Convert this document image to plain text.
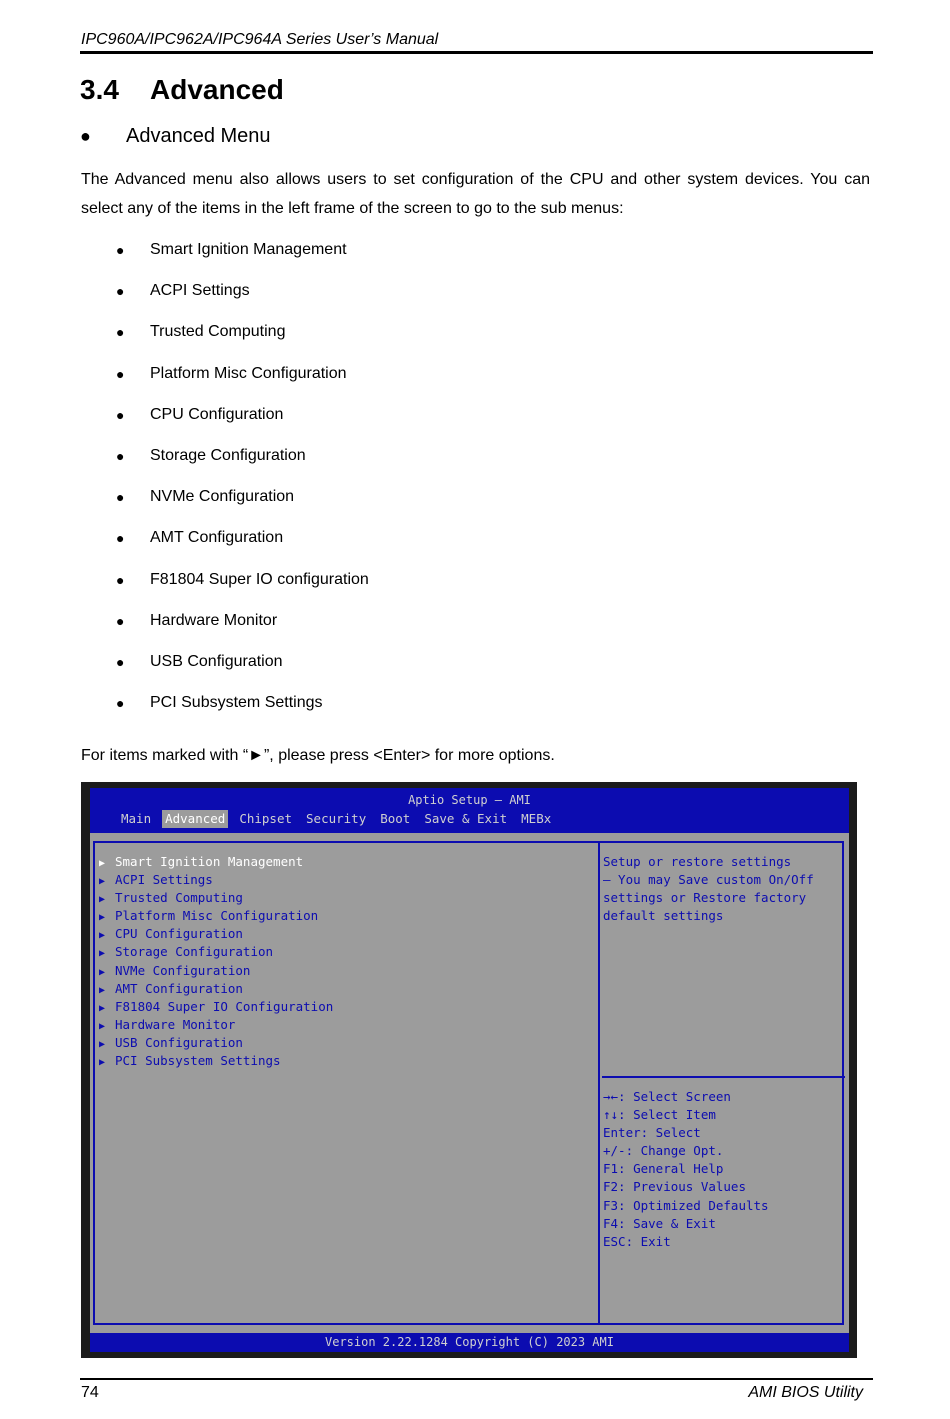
IPC960A/IPC962A/IPC964A Series User’s Manual
3.4 Advanced
● Advanced Menu

The Advanced menu also allows users to set configuration of the CPU and other system devices. You can select any of the items in the left frame of the screen to go to the sub menus:

●	Smart Ignition Management
●	ACPI Settings
●	Trusted Computing
●	Platform Misc Configuration
●	CPU Configuration
●	Storage Configuration
●	NVMe Configuration
●	AMT Configuration
●	F81804 Super IO configuration
●	Hardware Monitor
●	USB Configuration
●	PCI Subsystem Settings

For items marked with “►”, please press <Enter> for more options.

Aptio Setup – AMI
Main Advanced Chipset Security Boot Save & Exit MEBx
▶ Smart Ignition Management
▶ ACPI Settings
▶ Trusted Computing
▶ Platform Misc Configuration
▶ CPU Configuration
▶ Storage Configuration
▶ NVMe Configuration
▶ AMT Configuration
▶ F81804 Super IO Configuration
▶ Hardware Monitor
▶ USB Configuration
▶ PCI Subsystem Settings
Setup or restore settings
– You may Save custom On/Off
settings or Restore factory
default settings
→←: Select Screen
↑↓: Select Item
Enter: Select
+/-: Change Opt.
F1: General Help
F2: Previous Values
F3: Optimized Defaults
F4: Save & Exit
ESC: Exit
Version 2.22.1284 Copyright (C) 2023 AMI
74	AMI BIOS Utility
